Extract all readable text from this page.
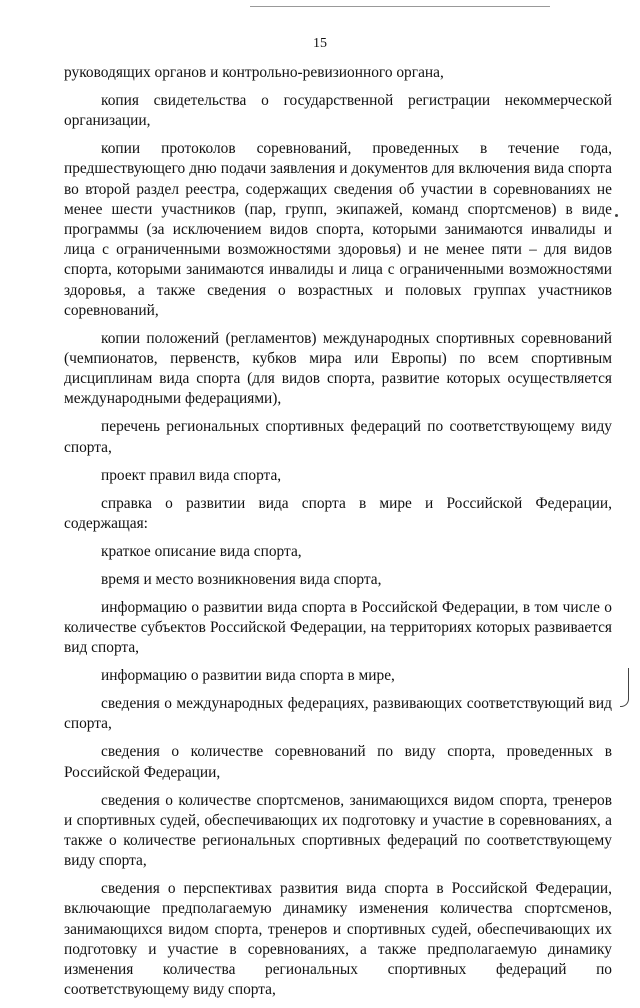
15

руководящих органов и контрольно-ревизионного органа,

копия свидетельства о государственной регистрации некоммерческой организации,

копии протоколов соревнований, проведенных в течение года, предшествующего дню подачи заявления и документов для включения вида спорта во второй раздел реестра, содержащих сведения об участии в соревнованиях не менее шести участников (пар, групп, экипажей, команд спортсменов) в виде программы (за исключением видов спорта, которыми занимаются инвалиды и лица с ограниченными возможностями здоровья) и не менее пяти – для видов спорта, которыми занимаются инвалиды и лица с ограниченными возможностями здоровья, а также сведения о возрастных и половых группах участников соревнований,

копии положений (регламентов) международных спортивных соревнований (чемпионатов, первенств, кубков мира или Европы) по всем спортивным дисциплинам вида спорта (для видов спорта, развитие которых осуществляется международными федерациями),

перечень региональных спортивных федераций по соответствующему виду спорта,

проект правил вида спорта,

справка о развитии вида спорта в мире и Российской Федерации, содержащая:

краткое описание вида спорта,

время и место возникновения вида спорта,

информацию о развитии вида спорта в Российской Федерации, в том числе о количестве субъектов Российской Федерации, на территориях которых развивается вид спорта,

информацию о развитии вида спорта в мире,

сведения о международных федерациях, развивающих соответствующий вид спорта,

сведения о количестве соревнований по виду спорта, проведенных в Российской Федерации,

сведения о количестве спортсменов, занимающихся видом спорта, тренеров и спортивных судей, обеспечивающих их подготовку и участие в соревнованиях, а также о количестве региональных спортивных федераций по соответствующему виду спорта,

сведения о перспективах развития вида спорта в Российской Федерации, включающие предполагаемую динамику изменения количества спортсменов, занимающихся видом спорта, тренеров и спортивных судей, обеспечивающих их подготовку и участие в соревнованиях, а также предполагаемую динамику изменения количества региональных спортивных федераций по соответствующему виду спорта,
